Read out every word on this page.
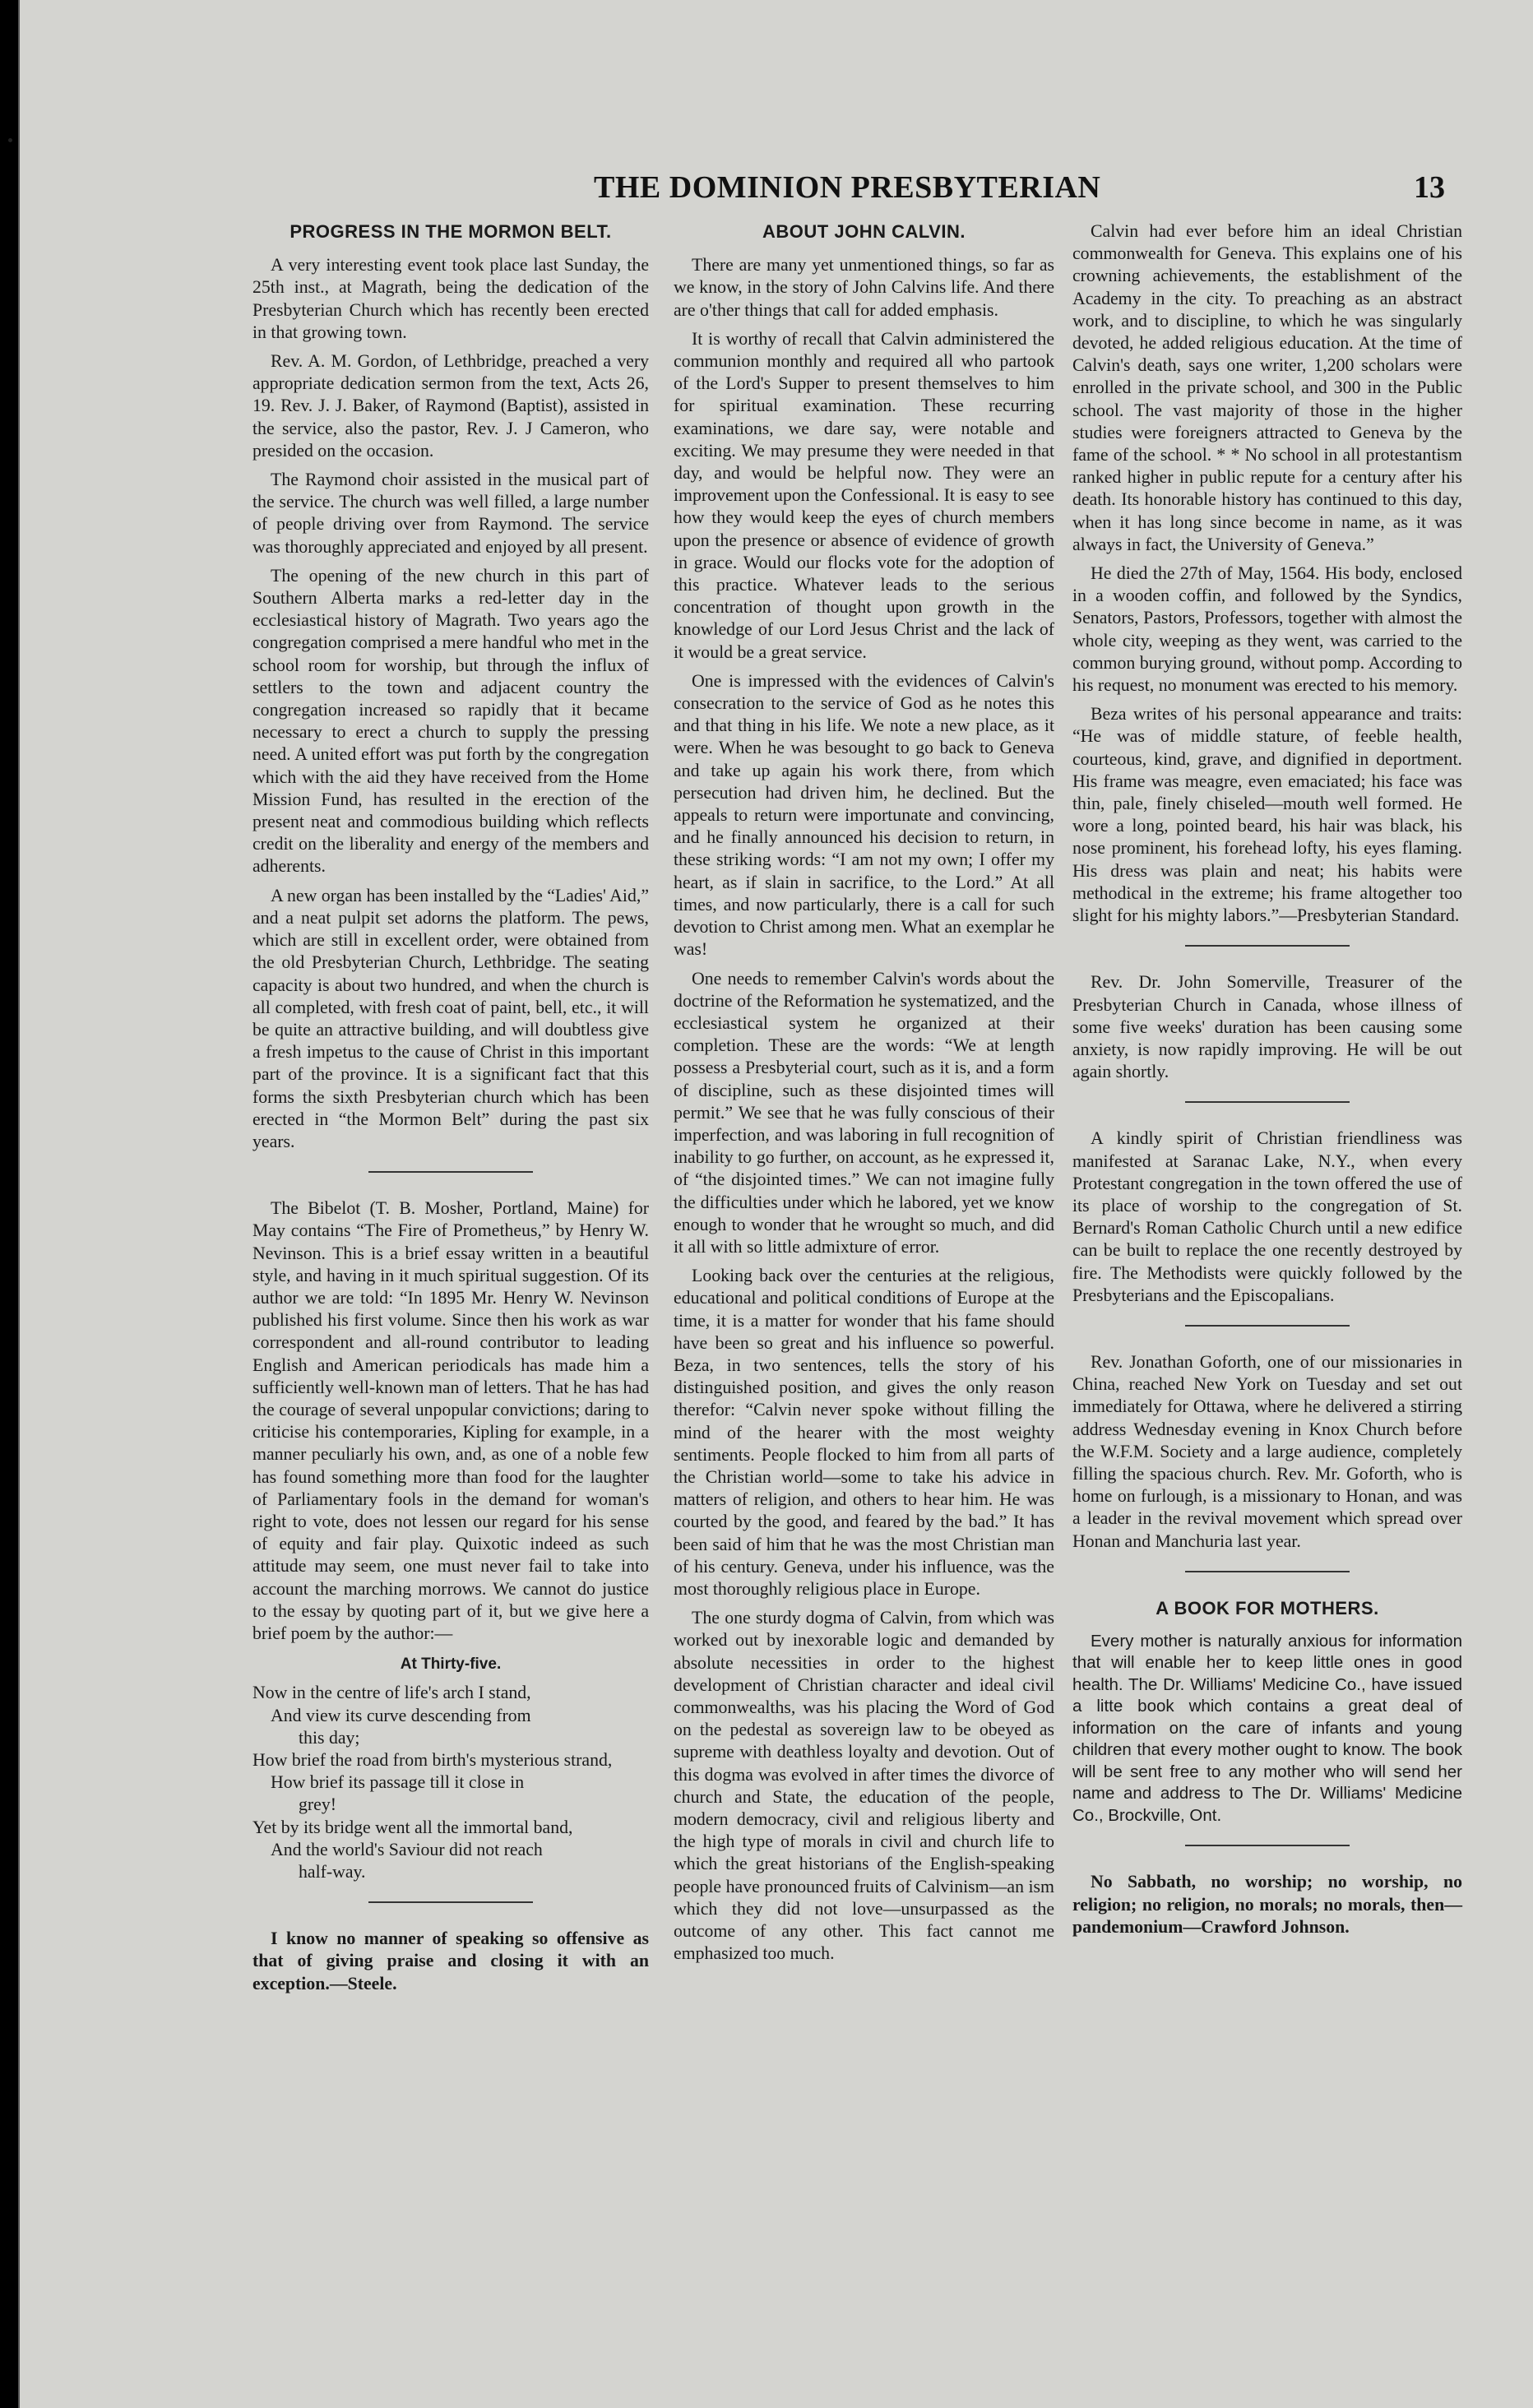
THE DOMINION PRESBYTERIAN	13
PROGRESS IN THE MORMON BELT.

A very interesting event took place last Sunday, the 25th inst., at Magrath, being the dedication of the Presbyterian Church which has recently been erected in that growing town.

Rev. A. M. Gordon, of Lethbridge, preached a very appropriate dedication sermon from the text, Acts 26, 19. Rev. J. J. Baker, of Raymond (Baptist), assisted in the service, also the pastor, Rev. J. J Cameron, who presided on the occasion.

The Raymond choir assisted in the musical part of the service. The church was well filled, a large number of people driving over from Raymond. The service was thoroughly appreciated and enjoyed by all present.

The opening of the new church in this part of Southern Alberta marks a red-letter day in the ecclesiastical history of Magrath. Two years ago the congregation comprised a mere handful who met in the school room for worship, but through the influx of settlers to the town and adjacent country the congregation increased so rapidly that it became necessary to erect a church to supply the pressing need. A united effort was put forth by the congregation which with the aid they have received from the Home Mission Fund, has resulted in the erection of the present neat and commodious building which reflects credit on the liberality and energy of the members and adherents.

A new organ has been installed by the “Ladies' Aid,” and a neat pulpit set adorns the platform. The pews, which are still in excellent order, were obtained from the old Presbyterian Church, Lethbridge. The seating capacity is about two hundred, and when the church is all completed, with fresh coat of paint, bell, etc., it will be quite an attractive building, and will doubtless give a fresh impetus to the cause of Christ in this important part of the province. It is a significant fact that this forms the sixth Presbyterian church which has been erected in “the Mormon Belt” during the past six years.

The Bibelot (T. B. Mosher, Portland, Maine) for May contains “The Fire of Prometheus,” by Henry W. Nevinson. This is a brief essay written in a beautiful style, and having in it much spiritual suggestion. Of its author we are told: “In 1895 Mr. Henry W. Nevinson published his first volume. Since then his work as war correspondent and all-round contributor to leading English and American periodicals has made him a sufficiently well-known man of letters. That he has had the courage of several unpopular convictions; daring to criticise his contemporaries, Kipling for example, in a manner peculiarly his own, and, as one of a noble few has found something more than food for the laughter of Parliamentary fools in the demand for woman's right to vote, does not lessen our regard for his sense of equity and fair play. Quixotic indeed as such attitude may seem, one must never fail to take into account the marching morrows. We cannot do justice to the essay by quoting part of it, but we give here a brief poem by the author:—

At Thirty-five.
Now in the centre of life's arch I stand,
And view its curve descending from
this day;
How brief the road from birth's mysterious strand,
How brief its passage till it close in
grey!
Yet by its bridge went all the immortal band,
And the world's Saviour did not reach
half-way.

I know no manner of speaking so offensive as that of giving praise and closing it with an exception.—Steele.

ABOUT JOHN CALVIN.

There are many yet unmentioned things, so far as we know, in the story of John Calvins life. And there are o'ther things that call for added emphasis.

It is worthy of recall that Calvin administered the communion monthly and required all who partook of the Lord's Supper to present themselves to him for spiritual examination. These recurring examinations, we dare say, were notable and exciting. We may presume they were needed in that day, and would be helpful now. They were an improvement upon the Confessional. It is easy to see how they would keep the eyes of church members upon the presence or absence of evidence of growth in grace. Would our flocks vote for the adoption of this practice. Whatever leads to the serious concentration of thought upon growth in the knowledge of our Lord Jesus Christ and the lack of it would be a great service.

One is impressed with the evidences of Calvin's consecration to the service of God as he notes this and that thing in his life. We note a new place, as it were. When he was besought to go back to Geneva and take up again his work there, from which persecution had driven him, he declined. But the appeals to return were importunate and convincing, and he finally announced his decision to return, in these striking words: “I am not my own; I offer my heart, as if slain in sacrifice, to the Lord.” At all times, and now particularly, there is a call for such devotion to Christ among men. What an exemplar he was!

One needs to remember Calvin's words about the doctrine of the Reformation he systematized, and the ecclesiastical system he organized at their completion. These are the words: “We at length possess a Presbyterial court, such as it is, and a form of discipline, such as these disjointed times will permit.” We see that he was fully conscious of their imperfection, and was laboring in full recognition of inability to go further, on account, as he expressed it, of “the disjointed times.” We can not imagine fully the difficulties under which he labored, yet we know enough to wonder that he wrought so much, and did it all with so little admixture of error.

Looking back over the centuries at the religious, educational and political conditions of Europe at the time, it is a matter for wonder that his fame should have been so great and his influence so powerful. Beza, in two sentences, tells the story of his distinguished position, and gives the only reason therefor: “Calvin never spoke without filling the mind of the hearer with the most weighty sentiments. People flocked to him from all parts of the Christian world—some to take his advice in matters of religion, and others to hear him. He was courted by the good, and feared by the bad.” It has been said of him that he was the most Christian man of his century. Geneva, under his influence, was the most thoroughly religious place in Europe.

The one sturdy dogma of Calvin, from which was worked out by inexorable logic and demanded by absolute necessities in order to the highest development of Christian character and ideal civil commonwealths, was his placing the Word of God on the pedestal as sovereign law to be obeyed as supreme with deathless loyalty and devotion. Out of this dogma was evolved in after times the divorce of church and State, the education of the people, modern democracy, civil and religious liberty and the high type of morals in civil and church life to which the great historians of the English-speaking people have pronounced fruits of Calvinism—an ism which they did not love—unsurpassed as the outcome of any other. This fact cannot me emphasized too much.

Calvin had ever before him an ideal Christian commonwealth for Geneva. This explains one of his crowning achievements, the establishment of the Academy in the city. To preaching as an abstract work, and to discipline, to which he was singularly devoted, he added religious education. At the time of Calvin's death, says one writer, 1,200 scholars were enrolled in the private school, and 300 in the Public school. The vast majority of those in the higher studies were foreigners attracted to Geneva by the fame of the school. * * No school in all protestantism ranked higher in public repute for a century after his death. Its honorable history has continued to this day, when it has long since become in name, as it was always in fact, the University of Geneva.”

He died the 27th of May, 1564. His body, enclosed in a wooden coffin, and followed by the Syndics, Senators, Pastors, Professors, together with almost the whole city, weeping as they went, was carried to the common burying ground, without pomp. According to his request, no monument was erected to his memory.

Beza writes of his personal appearance and traits: “He was of middle stature, of feeble health, courteous, kind, grave, and dignified in deportment. His frame was meagre, even emaciated; his face was thin, pale, finely chiseled—mouth well formed. He wore a long, pointed beard, his hair was black, his nose prominent, his forehead lofty, his eyes flaming. His dress was plain and neat; his habits were methodical in the extreme; his frame altogether too slight for his mighty labors.”—Presbyterian Standard.

Rev. Dr. John Somerville, Treasurer of the Presbyterian Church in Canada, whose illness of some five weeks' duration has been causing some anxiety, is now rapidly improving. He will be out again shortly.

A kindly spirit of Christian friendliness was manifested at Saranac Lake, N.Y., when every Protestant congregation in the town offered the use of its place of worship to the congregation of St. Bernard's Roman Catholic Church until a new edifice can be built to replace the one recently destroyed by fire. The Methodists were quickly followed by the Presbyterians and the Episcopalians.

Rev. Jonathan Goforth, one of our missionaries in China, reached New York on Tuesday and set out immediately for Ottawa, where he delivered a stirring address Wednesday evening in Knox Church before the W.F.M. Society and a large audience, completely filling the spacious church. Rev. Mr. Goforth, who is home on furlough, is a missionary to Honan, and was a leader in the revival movement which spread over Honan and Manchuria last year.

A BOOK FOR MOTHERS.

Every mother is naturally anxious for information that will enable her to keep little ones in good health. The Dr. Williams' Medicine Co., have issued a litte book which contains a great deal of information on the care of infants and young children that every mother ought to know. The book will be sent free to any mother who will send her name and address to The Dr. Williams' Medicine Co., Brockville, Ont.

No Sabbath, no worship; no worship, no religion; no religion, no morals; no morals, then—pandemonium—Crawford Johnson.
